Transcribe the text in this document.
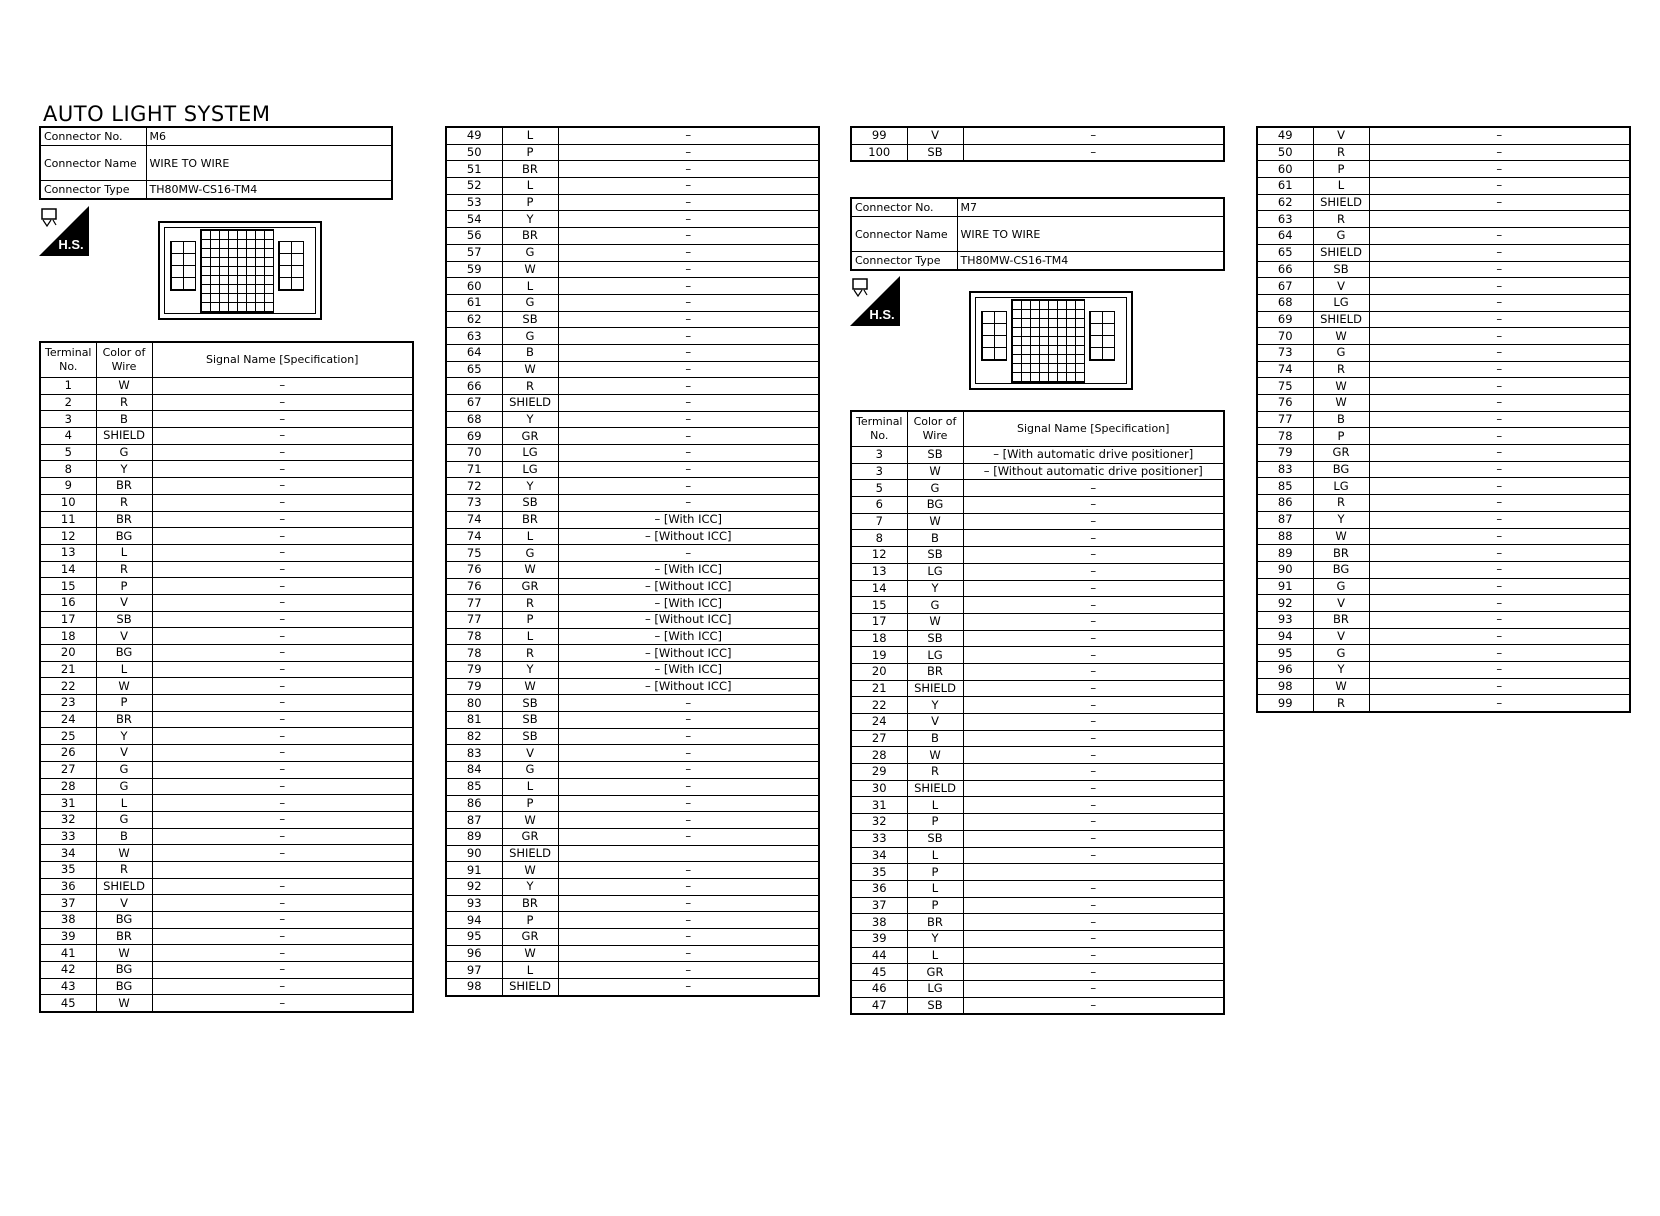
AUTO LIGHT SYSTEM
Connector No.	M6
Connector Name	WIRE TO WIRE
Connector Type	TH80MW-CS16-TM4
H.S.
Terminal No.	Color of Wire	Signal Name [Specification]
1	W	–
2	R	–
3	B	–
4	SHIELD	–
5	G	–
8	Y	–
9	BR	–
10	R	–
11	BR	–
12	BG	–
13	L	–
14	R	–
15	P	–
16	V	–
17	SB	–
18	V	–
20	BG	–
21	L	–
22	W	–
23	P	–
24	BR	–
25	Y	–
26	V	–
27	G	–
28	G	–
31	L	–
32	G	–
33	B	–
34	W	–
35	R	
36	SHIELD	–
37	V	–
38	BG	–
39	BR	–
41	W	–
42	BG	–
43	BG	–
45	W	–
49	L	–
50	P	–
51	BR	–
52	L	–
53	P	–
54	Y	–
56	BR	–
57	G	–
59	W	–
60	L	–
61	G	–
62	SB	–
63	G	–
64	B	–
65	W	–
66	R	–
67	SHIELD	–
68	Y	–
69	GR	–
70	LG	–
71	LG	–
72	Y	–
73	SB	–
74	BR	– [With ICC]
74	L	– [Without ICC]
75	G	–
76	W	– [With ICC]
76	GR	– [Without ICC]
77	R	– [With ICC]
77	P	– [Without ICC]
78	L	– [With ICC]
78	R	– [Without ICC]
79	Y	– [With ICC]
79	W	– [Without ICC]
80	SB	–
81	SB	–
82	SB	–
83	V	–
84	G	–
85	L	–
86	P	–
87	W	–
89	GR	–
90	SHIELD	
91	W	–
92	Y	–
93	BR	–
94	P	–
95	GR	–
96	W	–
97	L	–
98	SHIELD	–
99	V	–
100	SB	–
Connector No.	M7
Connector Name	WIRE TO WIRE
Connector Type	TH80MW-CS16-TM4
H.S.
Terminal No.	Color of Wire	Signal Name [Specification]
3	SB	– [With automatic drive positioner]
3	W	– [Without automatic drive positioner]
5	G	–
6	BG	–
7	W	–
8	B	–
12	SB	–
13	LG	–
14	Y	–
15	G	–
17	W	–
18	SB	–
19	LG	–
20	BR	–
21	SHIELD	–
22	Y	–
24	V	–
27	B	–
28	W	–
29	R	–
30	SHIELD	–
31	L	–
32	P	–
33	SB	–
34	L	–
35	P	
36	L	–
37	P	–
38	BR	–
39	Y	–
44	L	–
45	GR	–
46	LG	–
47	SB	–
49	V	–
50	R	–
60	P	–
61	L	–
62	SHIELD	–
63	R	
64	G	–
65	SHIELD	–
66	SB	–
67	V	–
68	LG	–
69	SHIELD	–
70	W	–
73	G	–
74	R	–
75	W	–
76	W	–
77	B	–
78	P	–
79	GR	–
83	BG	–
85	LG	–
86	R	–
87	Y	–
88	W	–
89	BR	–
90	BG	–
91	G	–
92	V	–
93	BR	–
94	V	–
95	G	–
96	Y	–
98	W	–
99	R	–
